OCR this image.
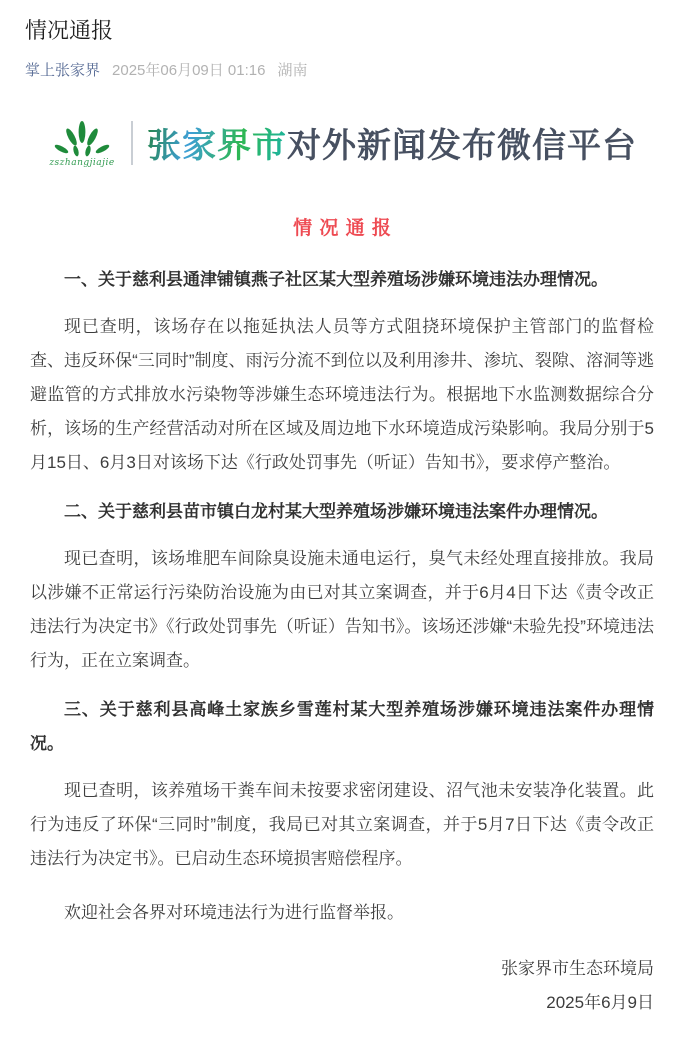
情况通报
掌上张家界 2025年06月09日 01:16 湖南
zszhangjiajie 张家界市对外新闻发布微信平台

情况通报

一、关于慈利县通津铺镇燕子社区某大型养殖场涉嫌环境违法办理情况。

现已查明，该场存在以拖延执法人员等方式阻挠环境保护主管部门的监督检查、违反环保“三同时”制度、雨污分流不到位以及利用渗井、渗坑、裂隙、溶洞等逃避监管的方式排放水污染物等涉嫌生态环境违法行为。根据地下水监测数据综合分析，该场的生产经营活动对所在区域及周边地下水环境造成污染影响。我局分别于5月15日、6月3日对该场下达《行政处罚事先（听证）告知书》，要求停产整治。

二、关于慈利县苗市镇白龙村某大型养殖场涉嫌环境违法案件办理情况。

现已查明，该场堆肥车间除臭设施未通电运行，臭气未经处理直接排放。我局以涉嫌不正常运行污染防治设施为由已对其立案调查，并于6月4日下达《责令改正违法行为决定书》《行政处罚事先（听证）告知书》。该场还涉嫌“未验先投”环境违法行为，正在立案调查。

三、关于慈利县高峰土家族乡雪莲村某大型养殖场涉嫌环境违法案件办理情况。

现已查明，该养殖场干粪车间未按要求密闭建设、沼气池未安装净化装置。此行为违反了环保“三同时”制度，我局已对其立案调查，并于5月7日下达《责令改正违法行为决定书》。已启动生态环境损害赔偿程序。

欢迎社会各界对环境违法行为进行监督举报。

张家界市生态环境局
2025年6月9日
